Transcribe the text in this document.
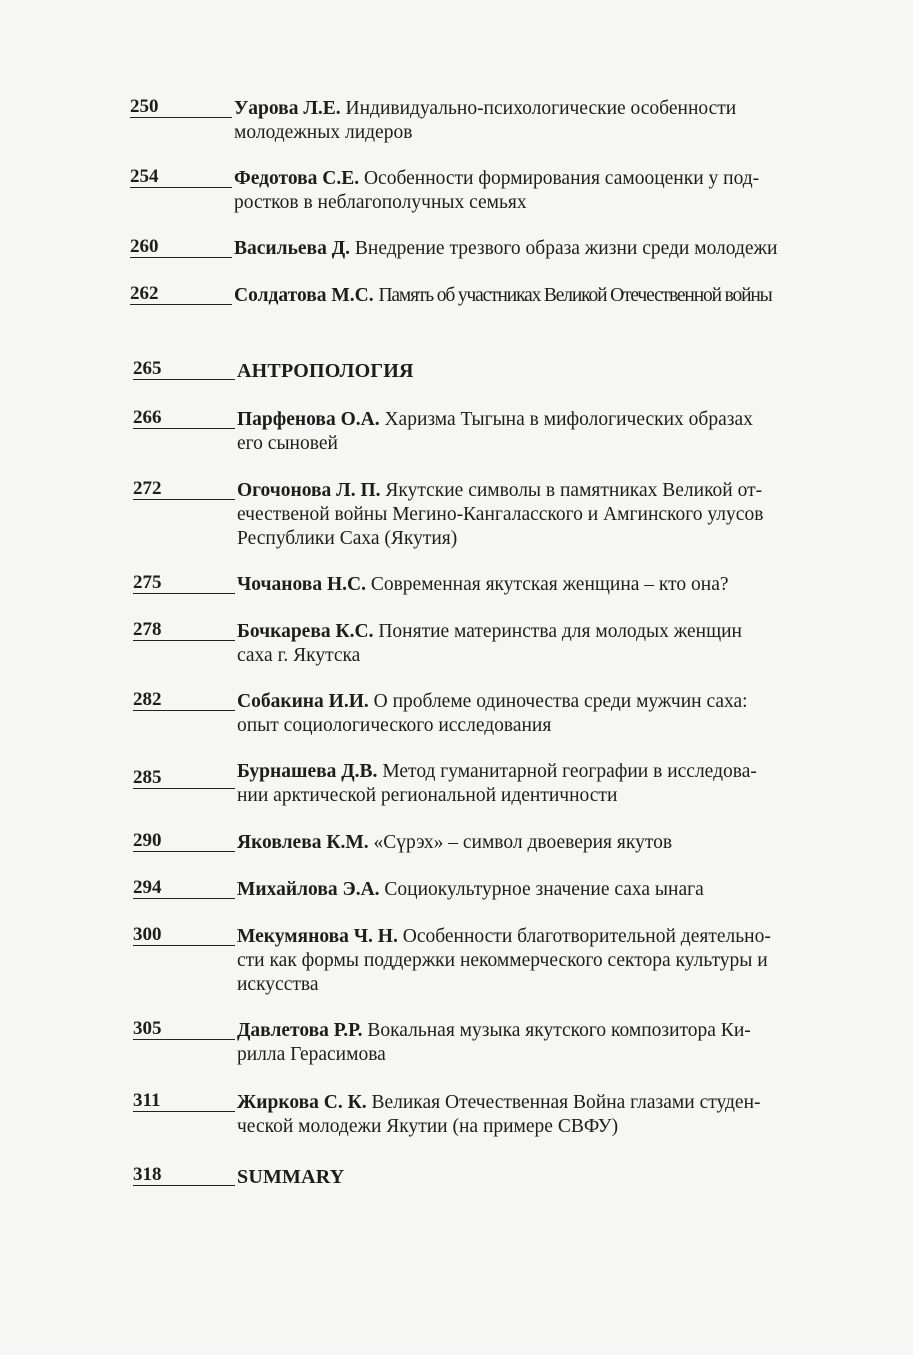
250	Уарова Л.Е. Индивидуально-психологические особенности
молодежных лидеров
254	Федотова С.Е. Особенности формирования самооценки у под-
ростков в неблагополучных семьях
260	Васильева Д. Внедрение трезвого образа жизни среди молодежи
262	Солдатова М.С. Память об участниках Великой Отечественной войны
265	АНТРОПОЛОГИЯ
266	Парфенова О.А. Харизма Тыгына в мифологических образах
его сыновей
272	Огочонова Л. П. Якутские символы в памятниках Великой от-
ечественой войны Мегино-Кангаласского и Амгинского улусов
Республики Саха (Якутия)
275	Чочанова Н.С. Современная якутская женщина – кто она?
278	Бочкарева К.С. Понятие материнства для молодых женщин
саха г. Якутска
282	Собакина И.И. О проблеме одиночества среди мужчин саха:
опыт социологического исследования
285	Бурнашева Д.В. Метод гуманитарной географии в исследова-
нии арктической региональной идентичности
290	Яковлева К.М. «Сүрэх» – символ двоеверия якутов
294	Михайлова Э.А. Социокультурное значение саха ынага
300	Мекумянова Ч. Н. Особенности благотворительной деятельно-
сти как формы поддержки некоммерческого сектора культуры и
искусства
305	Давлетова Р.Р. Вокальная музыка якутского композитора Ки-
рилла Герасимова
311	Жиркова С. К. Великая Отечественная Война глазами студен-
ческой молодежи Якутии (на примере СВФУ)
318	SUMMARY
